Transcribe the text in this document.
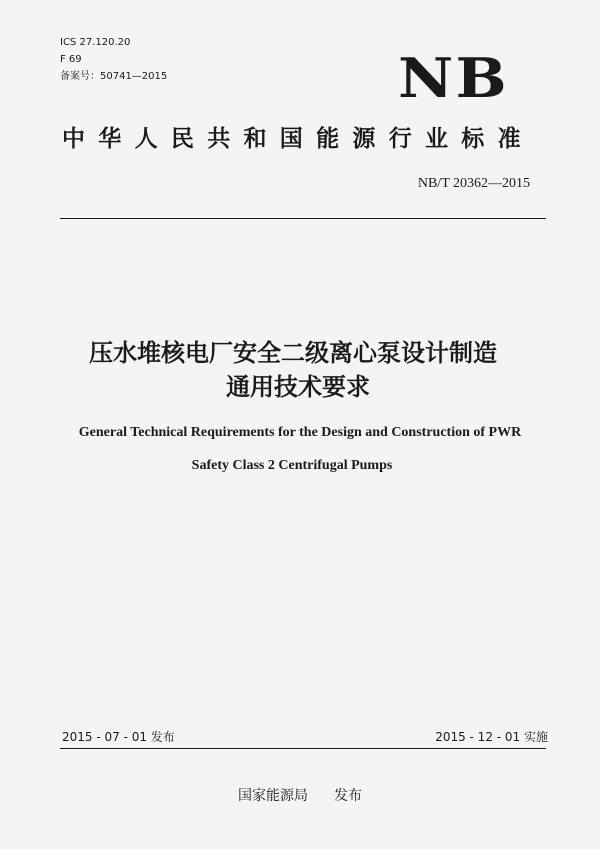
ICS 27.120.20
F 69
备案号：50741—2015	NB
中华人民共和国能源行业标准
NB/T 20362—2015
压水堆核电厂安全二级离心泵设计制造
通用技术要求
General Technical Requirements for the Design and Construction of PWR
Safety Class 2 Centrifugal Pumps
2015 - 07 - 01 发布	2015 - 12 - 01 实施
国家能源局 发布
